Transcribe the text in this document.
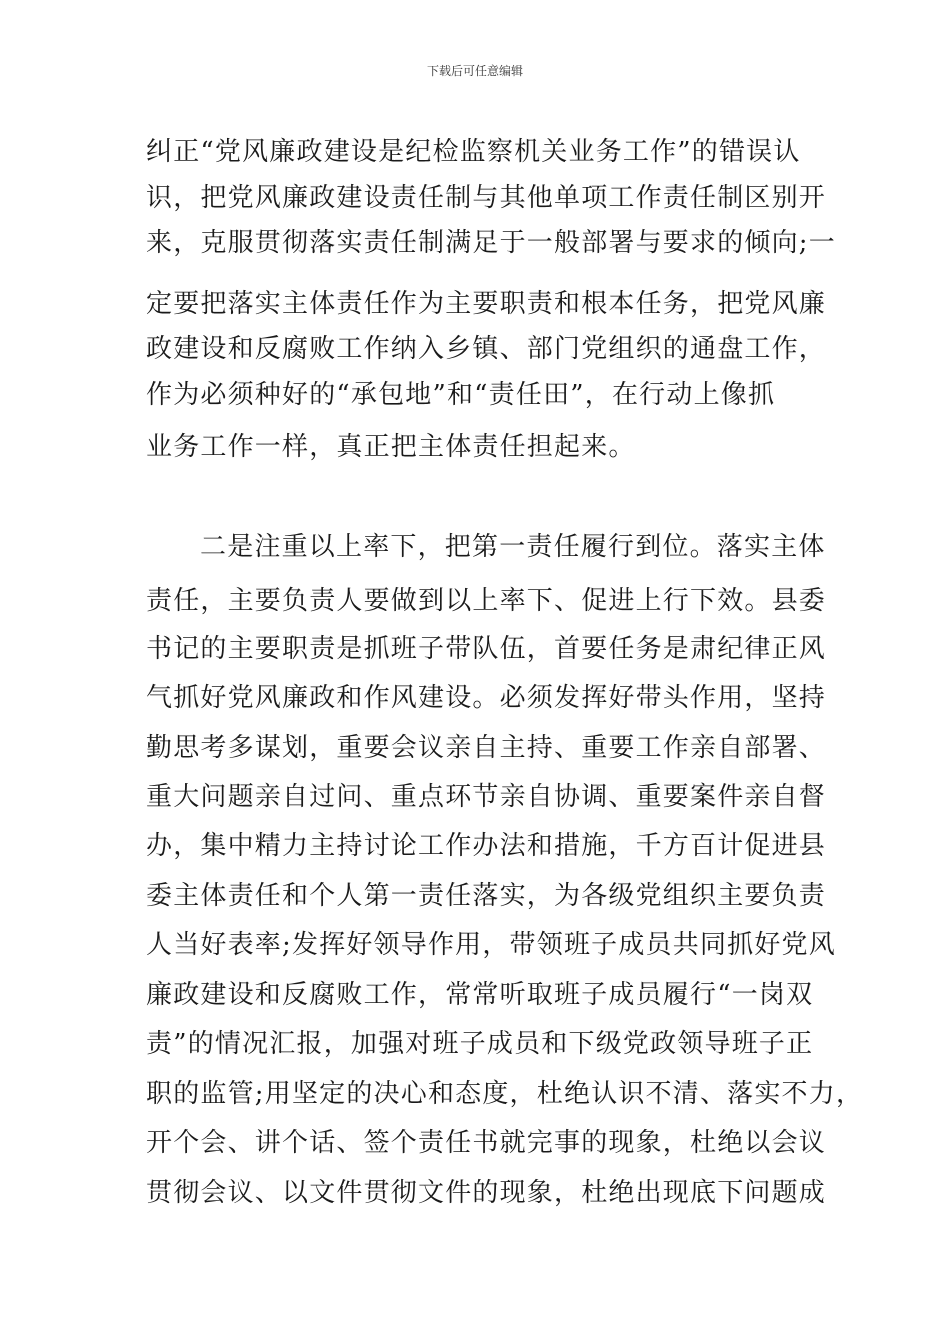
下载后可任意编辑
纠正“党风廉政建设是纪检监察机关业务工作”的错误认
识，把党风廉政建设责任制与其他单项工作责任制区别开
来，克服贯彻落实责任制满足于一般部署与要求的倾向;一
定要把落实主体责任作为主要职责和根本任务，把党风廉
政建设和反腐败工作纳入乡镇、部门党组织的通盘工作，
作为必须种好的“承包地”和“责任田”，在行动上像抓
业务工作一样，真正把主体责任担起来。
二是注重以上率下，把第一责任履行到位。落实主体
责任，主要负责人要做到以上率下、促进上行下效。县委
书记的主要职责是抓班子带队伍，首要任务是肃纪律正风
气抓好党风廉政和作风建设。必须发挥好带头作用，坚持
勤思考多谋划，重要会议亲自主持、重要工作亲自部署、
重大问题亲自过问、重点环节亲自协调、重要案件亲自督
办，集中精力主持讨论工作办法和措施，千方百计促进县
委主体责任和个人第一责任落实，为各级党组织主要负责
人当好表率;发挥好领导作用，带领班子成员共同抓好党风
廉政建设和反腐败工作，常常听取班子成员履行“一岗双
责”的情况汇报，加强对班子成员和下级党政领导班子正
职的监管;用坚定的决心和态度，杜绝认识不清、落实不力，
开个会、讲个话、签个责任书就完事的现象，杜绝以会议
贯彻会议、以文件贯彻文件的现象，杜绝出现底下问题成
